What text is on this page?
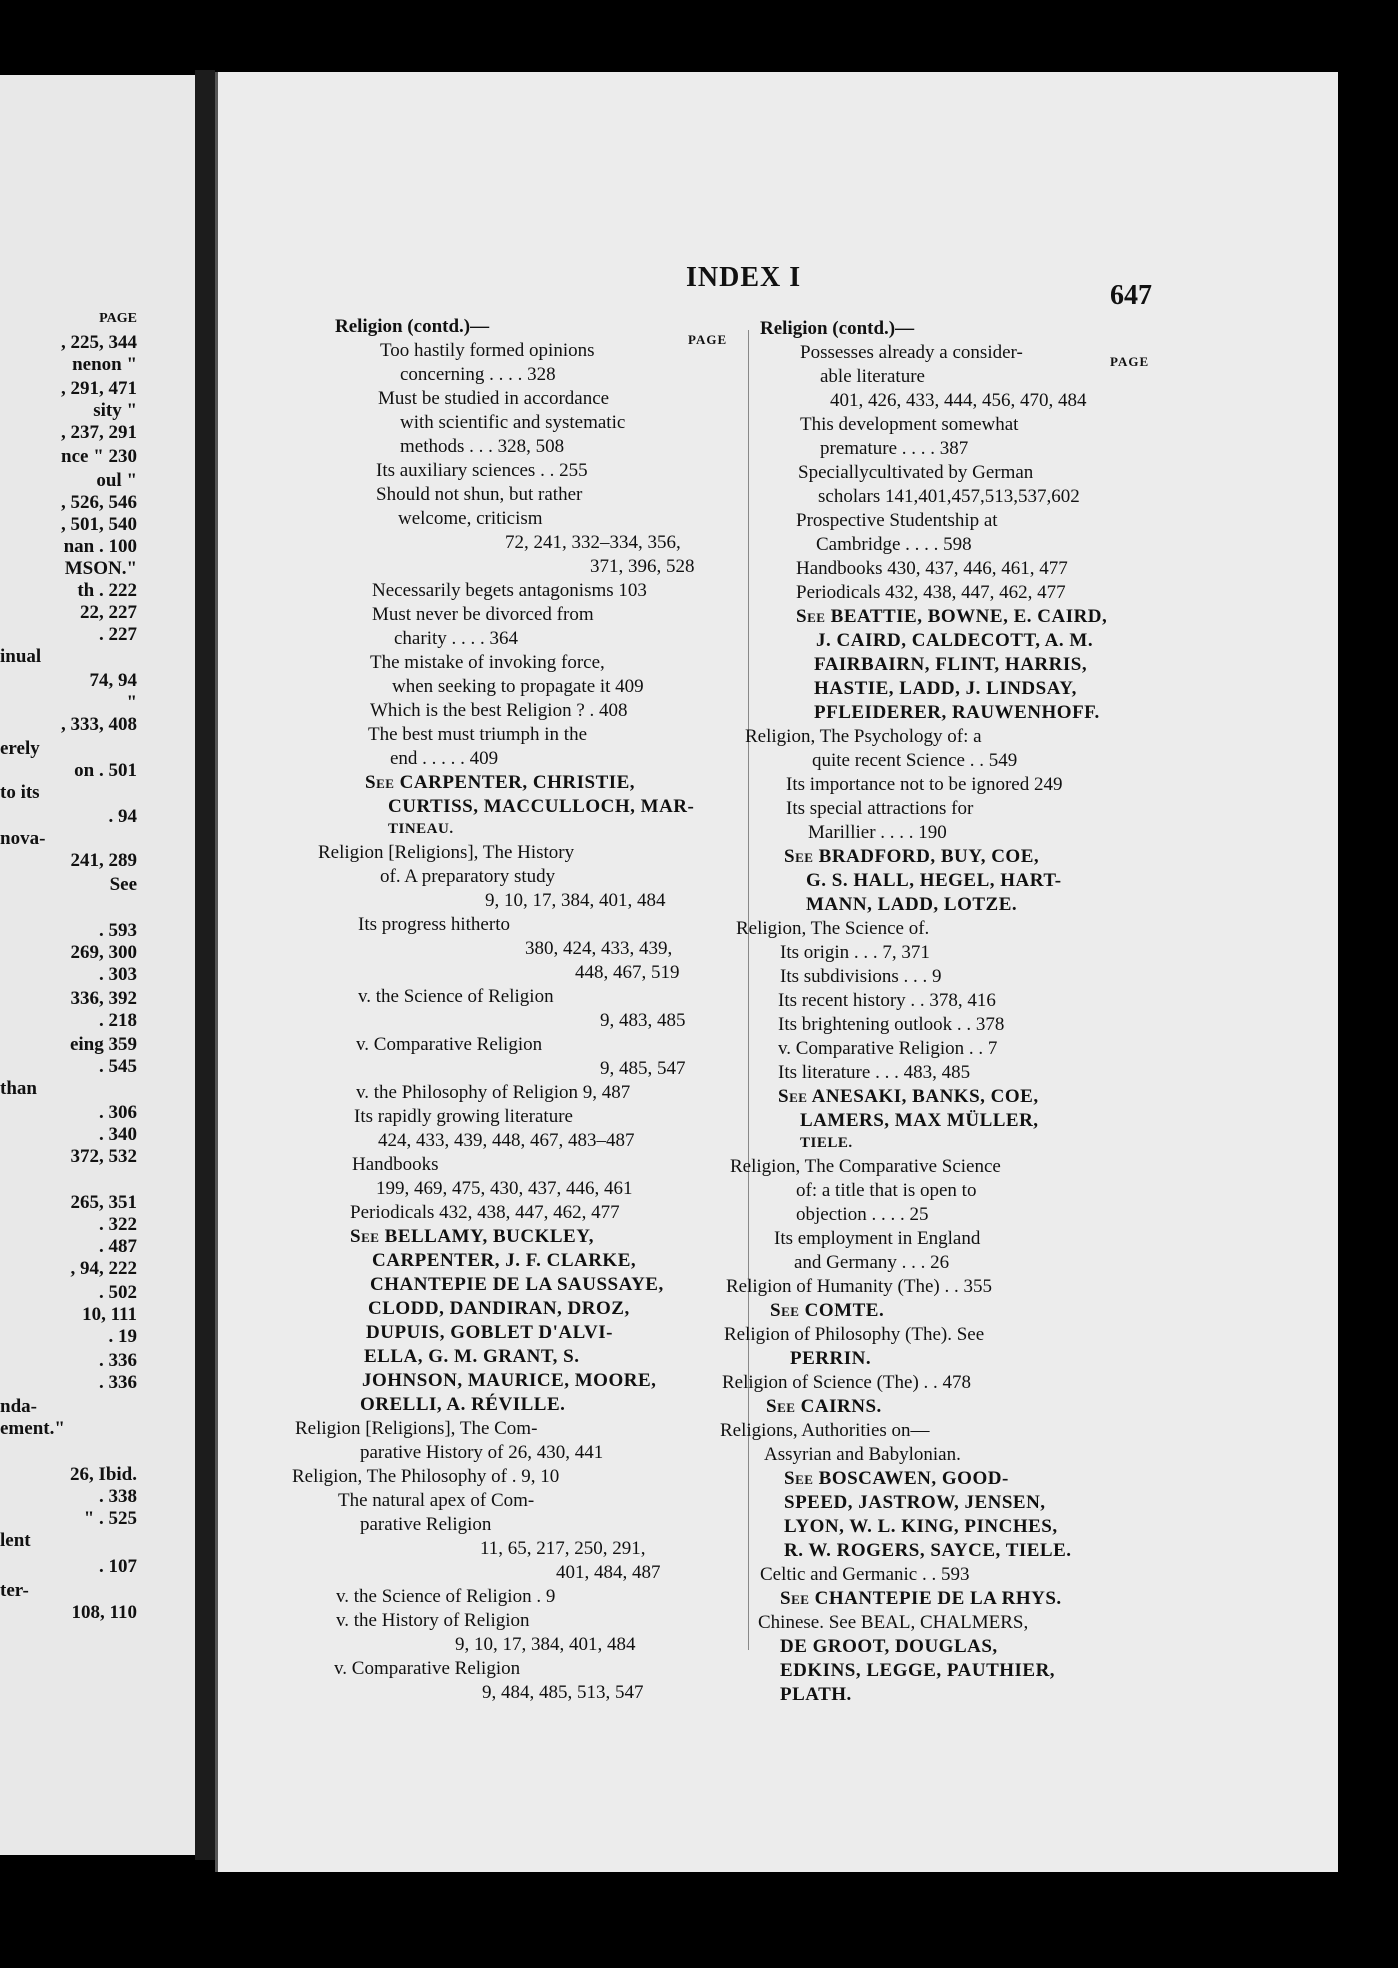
PAGE
, 225, 344
nenon "
, 291, 471
sity "
, 237, 291
nce " 230
oul "
, 526, 546
, 501, 540
nan . 100
MSON."
th . 222
22, 227
. 227
inual
74, 94
"
, 333, 408
erely
on . 501
to its
. 94
nova-
241, 289
See
. 593
269, 300
. 303
336, 392
. 218
eing 359
. 545
than
. 306
. 340
372, 532
265, 351
. 322
. 487
, 94, 222
. 502
10, 111
. 19
. 336
. 336
nda-
ement."
26, Ibid.
. 338
" . 525
lent
. 107
ter-
108, 110
INDEX I
647
PAGE
PAGE
Religion (contd.)—
Too hastily formed opinions
concerning . . . . 328
Must be studied in accordance
with scientific and systematic
methods . . . 328, 508
Its auxiliary sciences . . 255
Should not shun, but rather
welcome, criticism
72, 241, 332–334, 356,
371, 396, 528
Necessarily begets antagonisms 103
Must never be divorced from
charity . . . . 364
The mistake of invoking force,
when seeking to propagate it 409
Which is the best Religion ? . 408
The best must triumph in the
end . . . . . 409
See CARPENTER, CHRISTIE,
CURTISS, MACCULLOCH, MAR-
TINEAU.
Religion [Religions], The History
of. A preparatory study
9, 10, 17, 384, 401, 484
Its progress hitherto
380, 424, 433, 439,
448, 467, 519
v. the Science of Religion
9, 483, 485
v. Comparative Religion
9, 485, 547
v. the Philosophy of Religion 9, 487
Its rapidly growing literature
424, 433, 439, 448, 467, 483–487
Handbooks
199, 469, 475, 430, 437, 446, 461
Periodicals 432, 438, 447, 462, 477
See BELLAMY, BUCKLEY,
CARPENTER, J. F. CLARKE,
CHANTEPIE DE LA SAUSSAYE,
CLODD, DANDIRAN, DROZ,
DUPUIS, GOBLET D'ALVI-
ELLA, G. M. GRANT, S.
JOHNSON, MAURICE, MOORE,
ORELLI, A. RÉVILLE.
Religion [Religions], The Com-
parative History of 26, 430, 441
Religion, The Philosophy of . 9, 10
The natural apex of Com-
parative Religion
11, 65, 217, 250, 291,
401, 484, 487
v. the Science of Religion . 9
v. the History of Religion
9, 10, 17, 384, 401, 484
v. Comparative Religion
9, 484, 485, 513, 547
Religion (contd.)—
Possesses already a consider-
able literature
401, 426, 433, 444, 456, 470, 484
This development somewhat
premature . . . . 387
Speciallycultivated by German
scholars 141,401,457,513,537,602
Prospective Studentship at
Cambridge . . . . 598
Handbooks 430, 437, 446, 461, 477
Periodicals 432, 438, 447, 462, 477
See BEATTIE, BOWNE, E. CAIRD,
J. CAIRD, CALDECOTT, A. M.
FAIRBAIRN, FLINT, HARRIS,
HASTIE, LADD, J. LINDSAY,
PFLEIDERER, RAUWENHOFF.
Religion, The Psychology of: a
quite recent Science . . 549
Its importance not to be ignored 249
Its special attractions for
Marillier . . . . 190
See BRADFORD, BUY, COE,
G. S. HALL, HEGEL, HART-
MANN, LADD, LOTZE.
Religion, The Science of.
Its origin . . . 7, 371
Its subdivisions . . . 9
Its recent history . . 378, 416
Its brightening outlook . . 378
v. Comparative Religion . . 7
Its literature . . . 483, 485
See ANESAKI, BANKS, COE,
LAMERS, MAX MÜLLER,
TIELE.
Religion, The Comparative Science
of: a title that is open to
objection . . . . 25
Its employment in England
and Germany . . . 26
Religion of Humanity (The) . . 355
See COMTE.
Religion of Philosophy (The). See
PERRIN.
Religion of Science (The) . . 478
See CAIRNS.
Religions, Authorities on—
Assyrian and Babylonian.
See BOSCAWEN, GOOD-
SPEED, JASTROW, JENSEN,
LYON, W. L. KING, PINCHES,
R. W. ROGERS, SAYCE, TIELE.
Celtic and Germanic . . 593
See CHANTEPIE DE LA RHYS.
Chinese. See BEAL, CHALMERS,
DE GROOT, DOUGLAS,
EDKINS, LEGGE, PAUTHIER,
PLATH.
